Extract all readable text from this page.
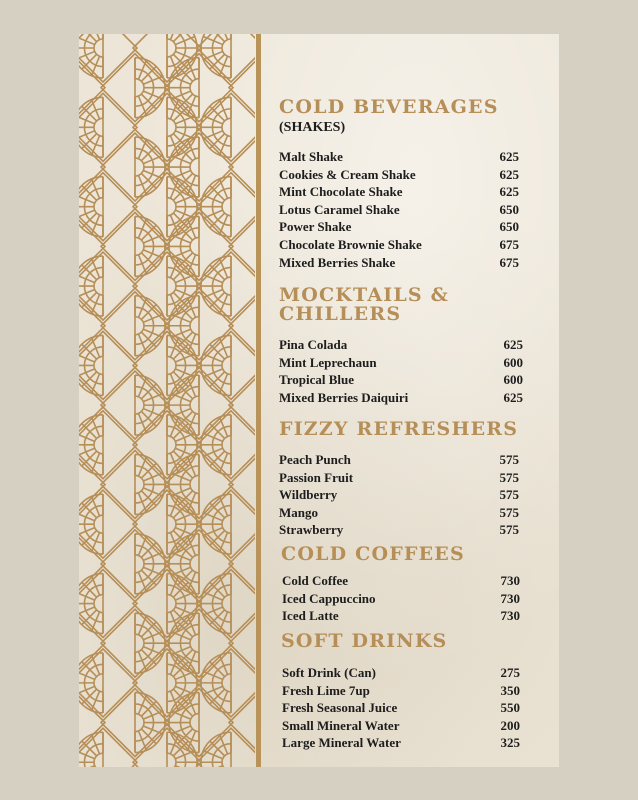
COLD BEVERAGES
(SHAKES)
Malt Shake	625
Cookies & Cream Shake	625
Mint Chocolate Shake	625
Lotus Caramel Shake	650
Power Shake	650
Chocolate Brownie Shake	675
Mixed Berries Shake	675
MOCKTAILS &
CHILLERS
Pina Colada	625
Mint Leprechaun	600
Tropical Blue	600
Mixed Berries Daiquiri	625
FIZZY REFRESHERS
Peach Punch	575
Passion Fruit	575
Wildberry	575
Mango	575
Strawberry	575
COLD COFFEES
Cold Coffee	730
Iced Cappuccino	730
Iced Latte	730
SOFT DRINKS
Soft Drink (Can)	275
Fresh Lime 7up	350
Fresh Seasonal Juice	550
Small Mineral Water	200
Large Mineral Water	325
